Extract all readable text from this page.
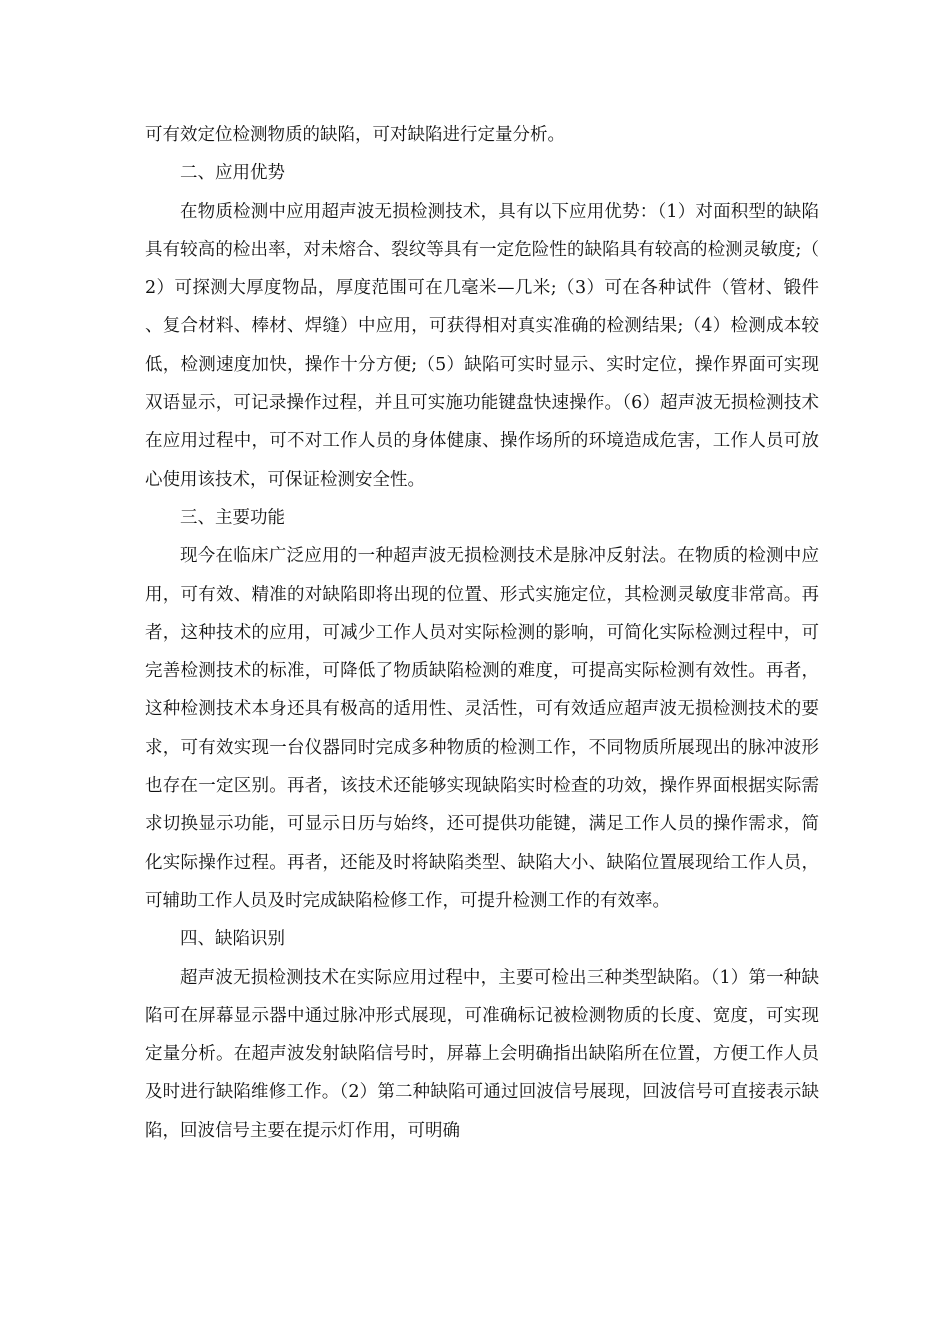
可有效定位检测物质的缺陷，可对缺陷进行定量分析。

二、应用优势

在物质检测中应用超声波无损检测技术，具有以下应用优势：（1）对面积型的缺陷具有较高的检出率，对未熔合、裂纹等具有一定危险性的缺陷具有较高的检测灵敏度;（2）可探测大厚度物品，厚度范围可在几毫米—几米;（3）可在各种试件（管材、锻件、复合材料、棒材、焊缝）中应用，可获得相对真实准确的检测结果;（4）检测成本较低，检测速度加快，操作十分方便;（5）缺陷可实时显示、实时定位，操作界面可实现双语显示，可记录操作过程，并且可实施功能键盘快速操作。（6）超声波无损检测技术在应用过程中，可不对工作人员的身体健康、操作场所的环境造成危害，工作人员可放心使用该技术，可保证检测安全性。

三、主要功能

现今在临床广泛应用的一种超声波无损检测技术是脉冲反射法。在物质的检测中应用，可有效、精准的对缺陷即将出现的位置、形式实施定位，其检测灵敏度非常高。再者，这种技术的应用，可减少工作人员对实际检测的影响，可简化实际检测过程中，可完善检测技术的标准，可降低了物质缺陷检测的难度，可提高实际检测有效性。再者，这种检测技术本身还具有极高的适用性、灵活性，可有效适应超声波无损检测技术的要求，可有效实现一台仪器同时完成多种物质的检测工作，不同物质所展现出的脉冲波形也存在一定区别。再者，该技术还能够实现缺陷实时检查的功效，操作界面根据实际需求切换显示功能，可显示日历与始终，还可提供功能键，满足工作人员的操作需求，简化实际操作过程。再者，还能及时将缺陷类型、缺陷大小、缺陷位置展现给工作人员，可辅助工作人员及时完成缺陷检修工作，可提升检测工作的有效率。

四、缺陷识别

超声波无损检测技术在实际应用过程中，主要可检出三种类型缺陷。（1）第一种缺陷可在屏幕显示器中通过脉冲形式展现，可准确标记被检测物质的长度、宽度，可实现定量分析。在超声波发射缺陷信号时，屏幕上会明确指出缺陷所在位置，方便工作人员及时进行缺陷维修工作。（2）第二种缺陷可通过回波信号展现，回波信号可直接表示缺陷，回波信号主要在提示灯作用，可明确
